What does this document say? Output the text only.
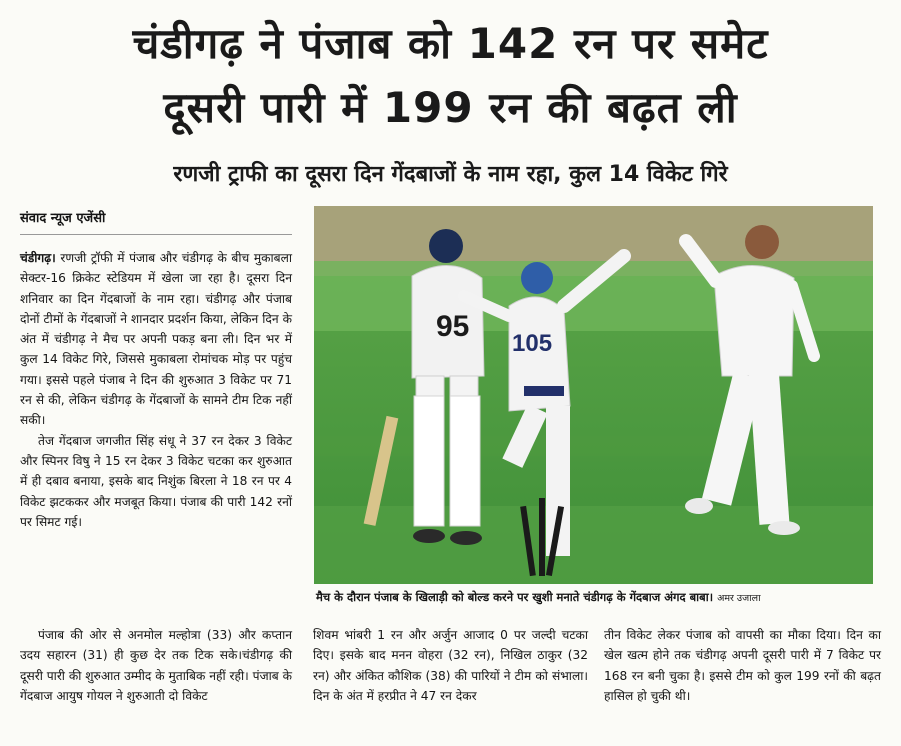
चंडीगढ़ ने पंजाब को 142 रन पर समेट
दूसरी पारी में 199 रन की बढ़त ली
रणजी ट्राफी का दूसरा दिन गेंदबाजों के नाम रहा, कुल 14 विकेट गिरे
संवाद न्यूज एजेंसी

चंडीगढ़। रणजी ट्रॉफी में पंजाब और चंडीगढ़ के बीच मुकाबला सेक्टर-16 क्रिकेट स्टेडियम में खेला जा रहा है। दूसरा दिन शनिवार का दिन गेंदबाजों के नाम रहा। चंडीगढ़ और पंजाब दोनों टीमों के गेंदबाजों ने शानदार प्रदर्शन किया, लेकिन दिन के अंत में चंडीगढ़ ने मैच पर अपनी पकड़ बना ली। दिन भर में कुल 14 विकेट गिरे, जिससे मुकाबला रोमांचक मोड़ पर पहुंच गया। इससे पहले पंजाब ने दिन की शुरुआत 3 विकेट पर 71 रन से की, लेकिन चंडीगढ़ के गेंदबाजों के सामने टीम टिक नहीं सकी।

तेज गेंदबाज जगजीत सिंह संधू ने 37 रन देकर 3 विकेट और स्पिनर विषु ने 15 रन देकर 3 विकेट चटका कर शुरुआत में ही दबाव बनाया, इसके बाद निशुंक बिरला ने 18 रन पर 4 विकेट झटककर और मजबूत किया। पंजाब की पारी 142 रनों पर सिमट गई।

पंजाब की ओर से अनमोल मल्होत्रा (33) और कप्तान उदय सहारन (31) ही कुछ देर तक टिक सके।चंडीगढ़ की दूसरी पारी की शुरुआत उम्मीद के मुताबिक नहीं रही। पंजाब के गेंदबाज आयुष गोयल ने शुरुआती दो विकेट

शिवम भांबरी 1 रन और अर्जुन आजाद 0 पर जल्दी चटका दिए। इसके बाद मनन वोहरा (32 रन), निखिल ठाकुर (32 रन) और अंकित कौशिक (38) की पारियों ने टीम को संभाला। दिन के अंत में हरप्रीत ने 47 रन देकर

तीन विकेट लेकर पंजाब को वापसी का मौका दिया। दिन का खेल खत्म होने तक चंडीगढ़ अपनी दूसरी पारी में 7 विकेट पर 168 रन बनी चुका है। इससे टीम को कुल 199 रनों की बढ़त हासिल हो चुकी थी।

95
105
मैच के दौरान पंजाब के खिलाड़ी को बोल्ड करने पर खुशी मनाते चंडीगढ़ के गेंदबाज अंगद बाबा। अमर उजाला
